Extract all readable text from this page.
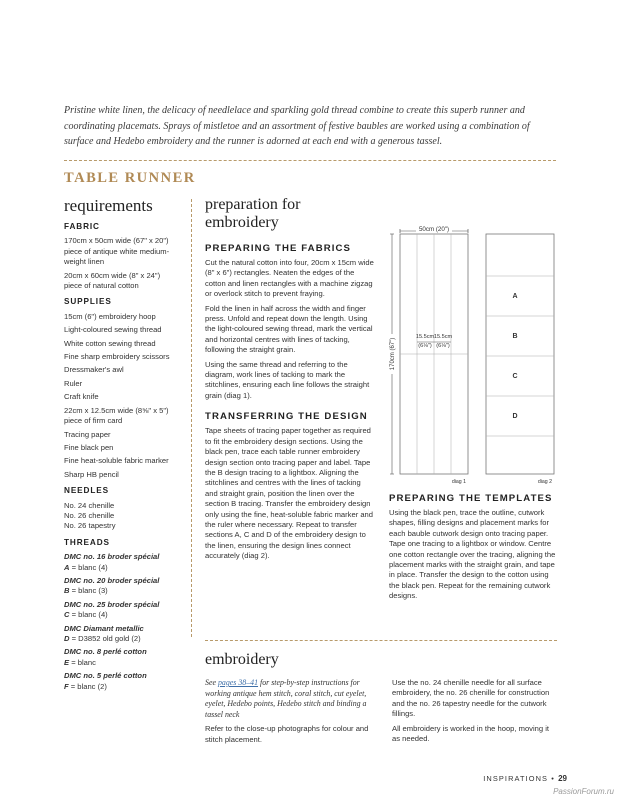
Pristine white linen, the delicacy of needlelace and sparkling gold thread combine to create this superb runner and coordinating placemats. Sprays of mistletoe and an assortment of festive baubles are worked using a combination of surface and Hedebo embroidery and the runner is adorned at each end with a generous tassel.
TABLE RUNNER
requirements
FABRIC
170cm x 50cm wide (67" x 20") piece of antique white medium-weight linen
20cm x 60cm wide (8" x 24") piece of natural cotton
SUPPLIES
15cm (6") embroidery hoop
Light-coloured sewing thread
White cotton sewing thread
Fine sharp embroidery scissors
Dressmaker's awl
Ruler
Craft knife
22cm x 12.5cm wide (8⅝" x 5") piece of firm card
Tracing paper
Fine black pen
Fine heat-soluble fabric marker
Sharp HB pencil
NEEDLES
No. 24 chenille
No. 26 chenille
No. 26 tapestry
THREADS
DMC no. 16 broder spécial
A = blanc (4)
DMC no. 20 broder spécial
B = blanc (3)
DMC no. 25 broder spécial
C = blanc (4)
DMC Diamant metallic
D = D3852 old gold (2)
DMC no. 8 perlé cotton
E = blanc
DMC no. 5 perlé cotton
F = blanc (2)
preparation for
embroidery
PREPARING THE FABRICS
Cut the natural cotton into four, 20cm x 15cm wide (8" x 6") rectangles. Neaten the edges of the cotton and linen rectangles with a machine zigzag or overlock stitch to prevent fraying.
Fold the linen in half across the width and finger press. Unfold and repeat down the length. Using the light-coloured sewing thread, mark the vertical and horizontal centres with lines of tacking, following the straight grain.
Using the same thread and referring to the diagram, work lines of tacking to mark the stitchlines, ensuring each line follows the straight grain (diag 1).
TRANSFERRING THE DESIGN
Tape sheets of tracing paper together as required to fit the embroidery design sections. Using the black pen, trace each table runner embroidery design section onto tracing paper and label. Tape the B design tracing to a lightbox. Aligning the stitchlines and centres with the lines of tacking and straight grain, position the linen over the section B tracing. Transfer the embroidery design only using the fine, heat-soluble fabric marker and the ruler where necessary. Repeat to transfer sections A, C and D of the embroidery design to the linen, ensuring the design lines connect accurately (diag 2).
50cm (20")
170cm (67")
15.5cm
(6⅛")
15.5cm
(6⅛")
diag 1
A
B
C
D
diag 2
PREPARING THE TEMPLATES
Using the black pen, trace the outline, cutwork shapes, filling designs and placement marks for each bauble cutwork design onto tracing paper. Tape one tracing to a lightbox or window. Centre one cotton rectangle over the tracing, aligning the placement marks with the straight grain, and tape in place. Transfer the design to the cotton using the black pen. Repeat for the remaining cutwork designs.
embroidery
See pages 38–41 for step-by-step instructions for working antique hem stitch, coral stitch, cut eyelet, eyelet, Hedebo points, Hedebo stitch and binding a tassel neck
Refer to the close-up photographs for colour and stitch placement.
Use the no. 24 chenille needle for all surface embroidery, the no. 26 chenille for construction and the no. 26 tapestry needle for the cutwork fillings.
All embroidery is worked in the hoop, moving it as needed.
INSPIRATIONS • 29
PassionForum.ru
